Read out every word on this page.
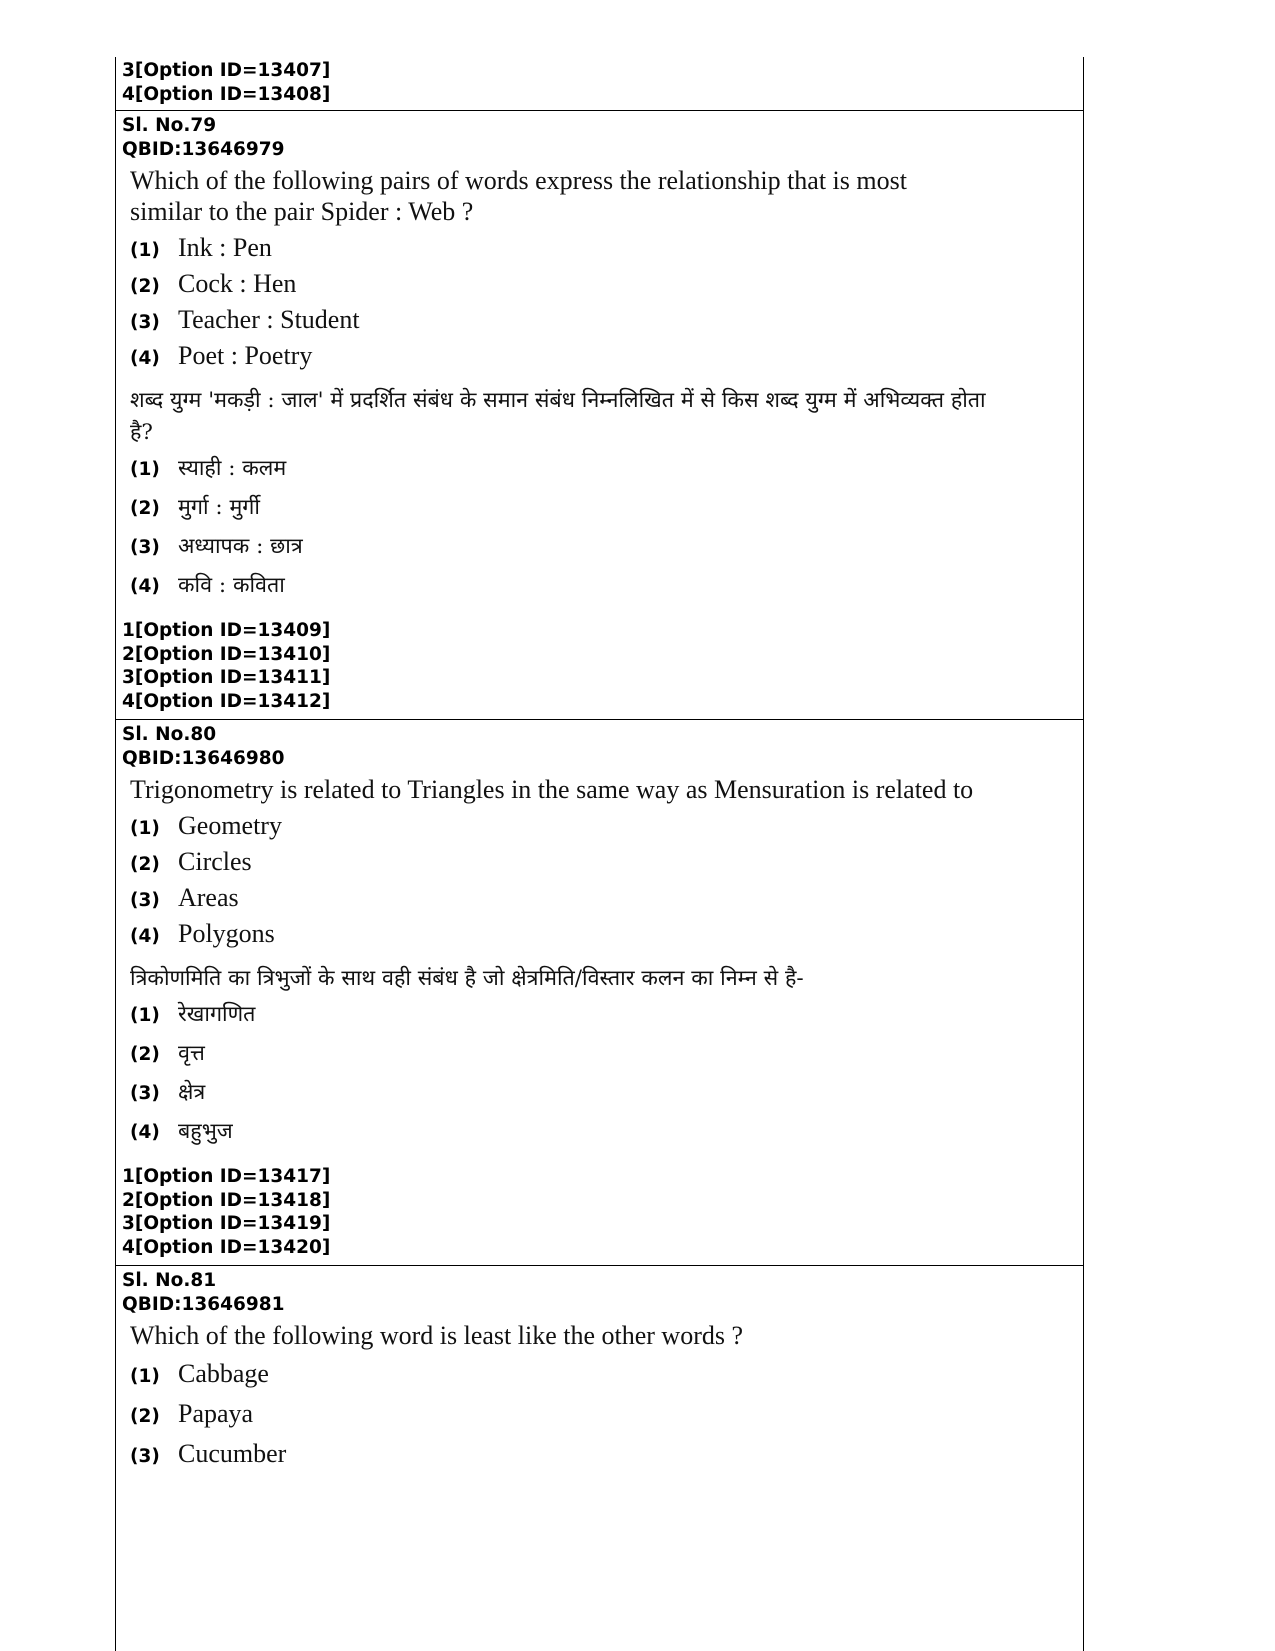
3[Option ID=13407]
4[Option ID=13408]
Sl. No.79
QBID:13646979
Which of the following pairs of words express the relationship that is most similar to the pair Spider : Web ?
(1) Ink : Pen
(2) Cock : Hen
(3) Teacher : Student
(4) Poet : Poetry
शब्द युग्म 'मकड़ी : जाल' में प्रदर्शित संबंध के समान संबंध निम्नलिखित में से किस शब्द युग्म में अभिव्यक्त होता है?
(1) स्याही : कलम
(2) मुर्गा : मुर्गी
(3) अध्यापक : छात्र
(4) कवि : कविता
1[Option ID=13409]
2[Option ID=13410]
3[Option ID=13411]
4[Option ID=13412]
Sl. No.80
QBID:13646980
Trigonometry is related to Triangles in the same way as Mensuration is related to
(1) Geometry
(2) Circles
(3) Areas
(4) Polygons
त्रिकोणमिति का त्रिभुजों के साथ वही संबंध है जो क्षेत्रमिति/विस्तार कलन का निम्न से है-
(1) रेखागणित
(2) वृत्त
(3) क्षेत्र
(4) बहुभुज
1[Option ID=13417]
2[Option ID=13418]
3[Option ID=13419]
4[Option ID=13420]
Sl. No.81
QBID:13646981
Which of the following word is least like the other words ?
(1) Cabbage
(2) Papaya
(3) Cucumber
